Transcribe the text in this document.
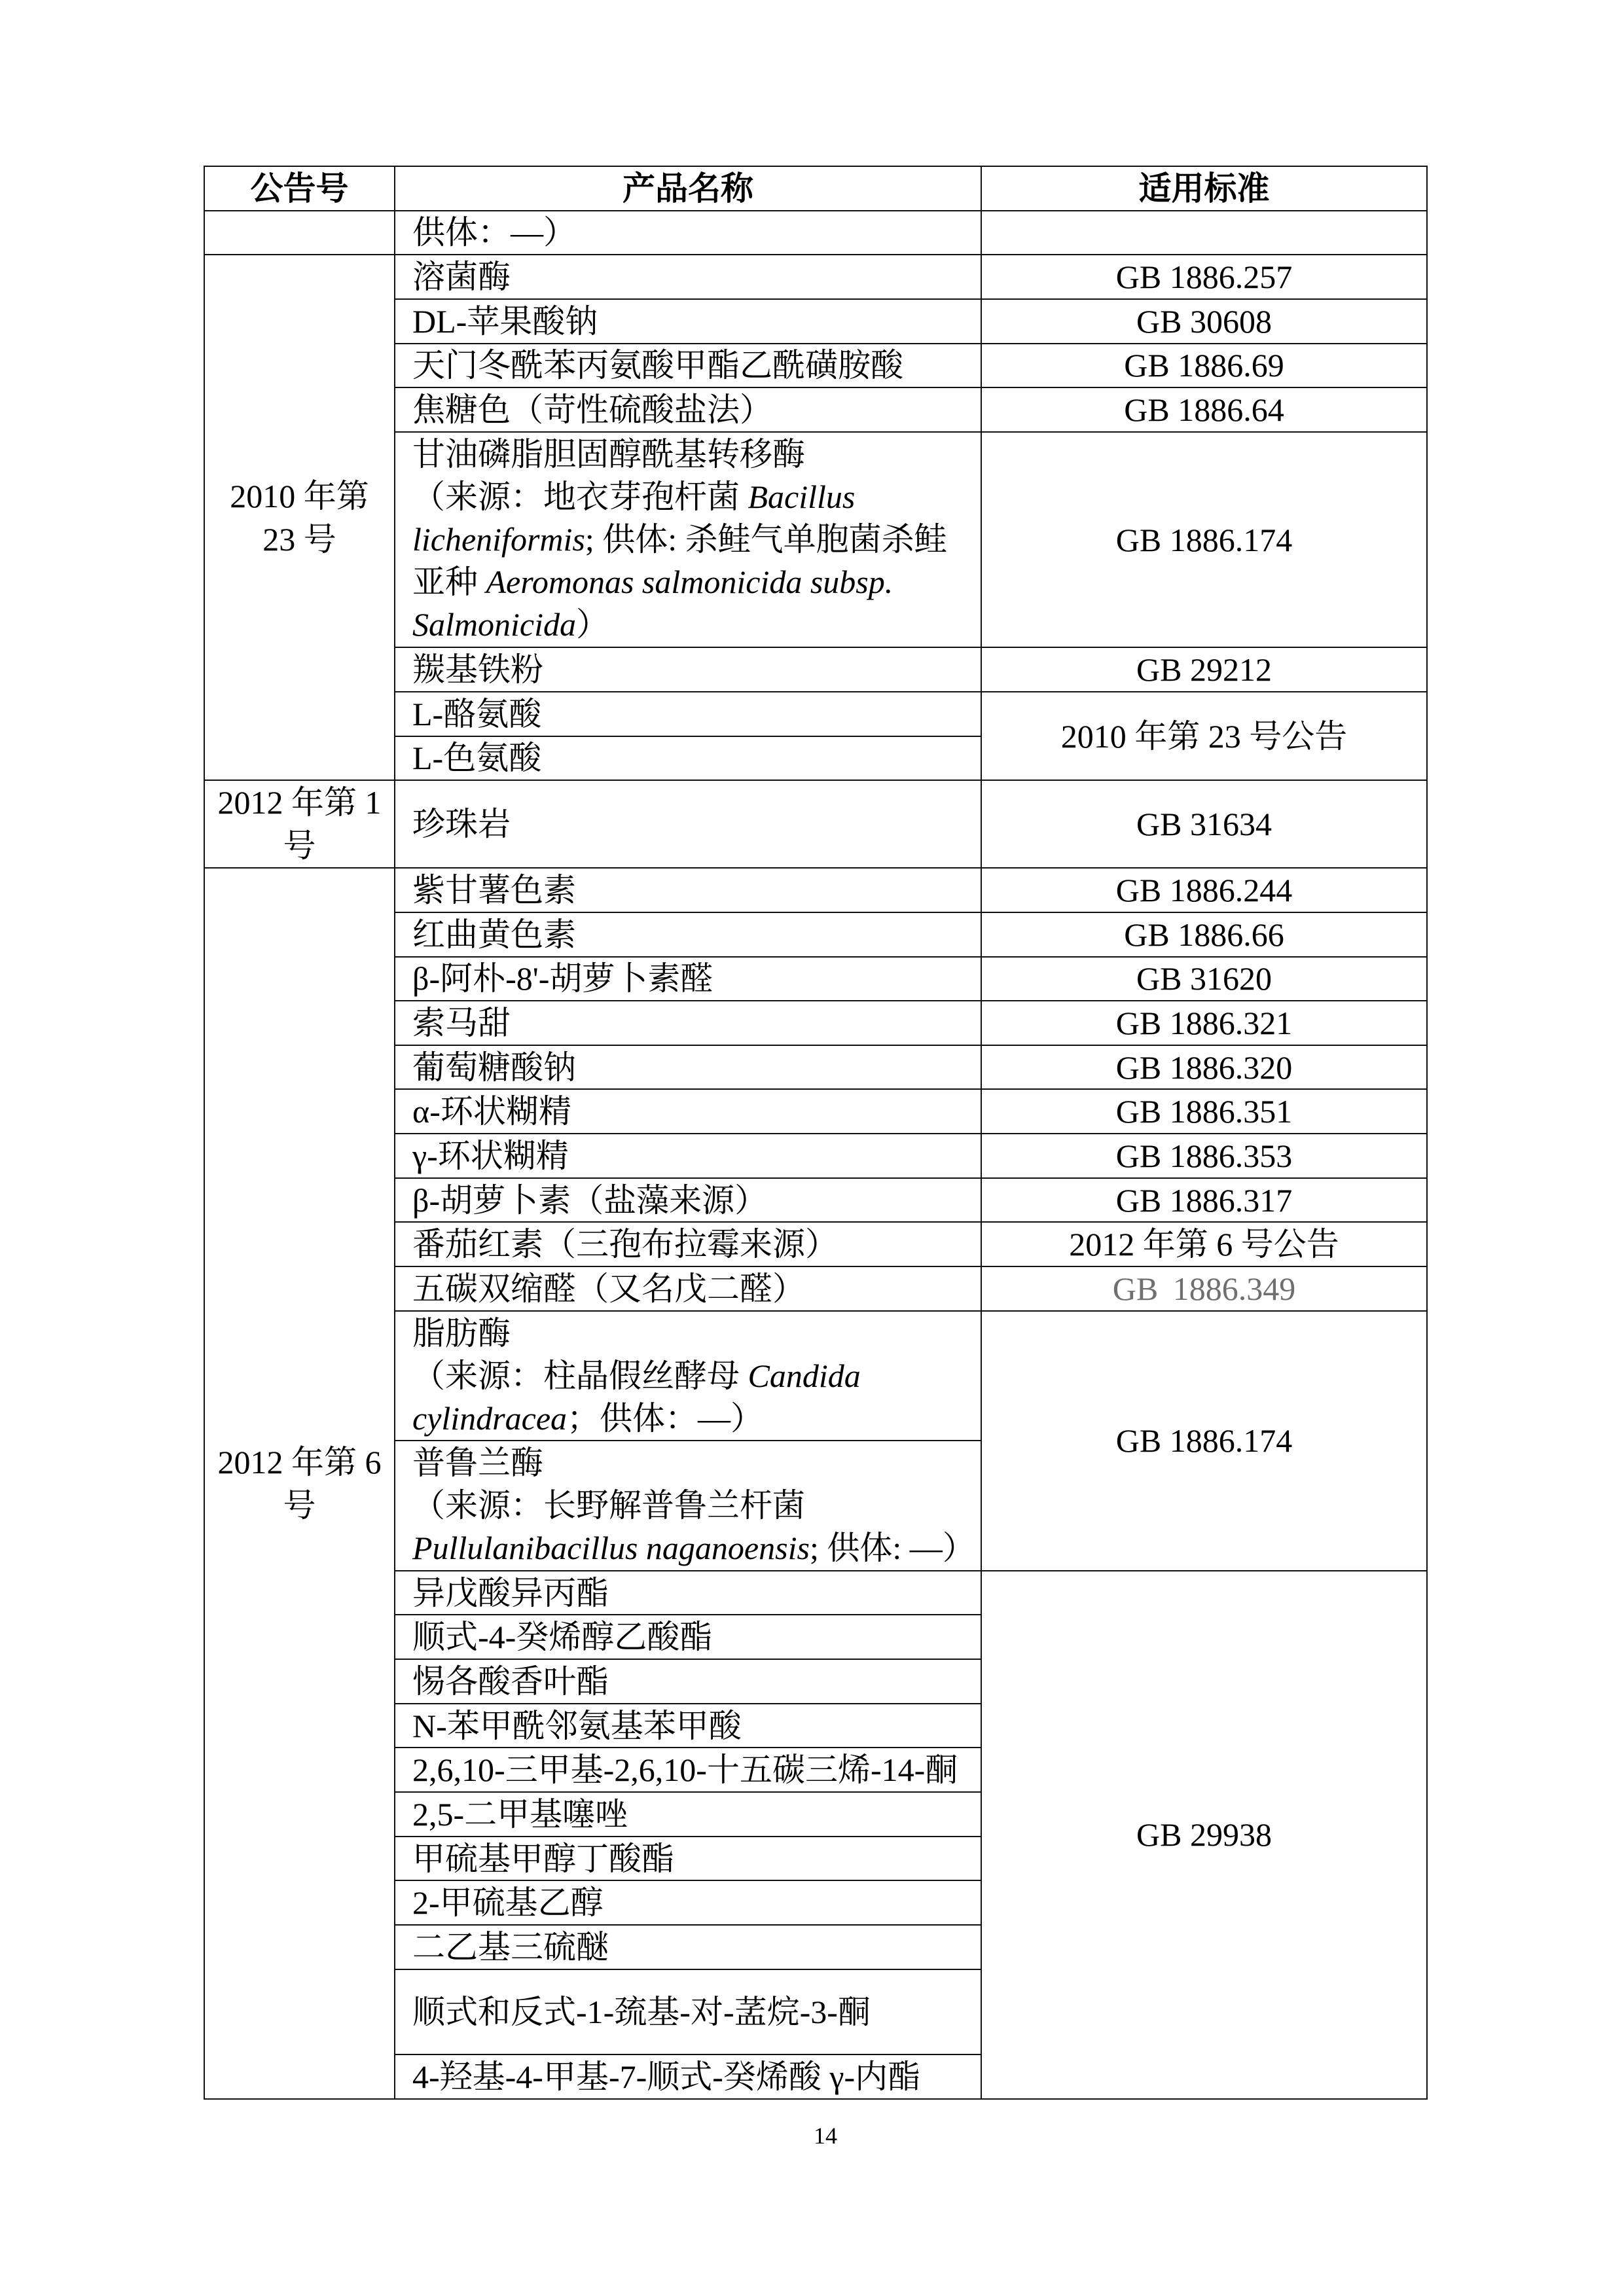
公告号	产品名称	适用标准
	供体：—）	

2010 年第
23 号	溶菌酶	GB 1886.257
	DL-苹果酸钠	GB 30608
	天门冬酰苯丙氨酸甲酯乙酰磺胺酸	GB 1886.69
	焦糖色（苛性硫酸盐法）	GB 1886.64

	甘油磷脂胆固醇酰基转移酶
（来源：地衣芽孢杆菌 Bacillus
licheniformis; 供体: 杀鲑气单胞菌杀鲑
亚种 Aeromonas salmonicida subsp.
Salmonicida）	GB 1886.174
	羰基铁粉	GB 29212
	L-酪氨酸	2010 年第 23 号公告
	L-色氨酸	

2012 年第 1
号	珍珠岩	GB 31634

2012 年第 6
号	紫甘薯色素	GB 1886.244
	红曲黄色素	GB 1886.66
	β-阿朴-8'-胡萝卜素醛	GB 31620
	索马甜	GB 1886.321
	葡萄糖酸钠	GB 1886.320
	α-环状糊精	GB 1886.351
	γ-环状糊精	GB 1886.353
	β-胡萝卜素（盐藻来源）	GB 1886.317
	番茄红素（三孢布拉霉来源）	2012 年第 6 号公告
	五碳双缩醛（又名戊二醛）	GB 1886.349

	脂肪酶
（来源：柱晶假丝酵母 Candida
cylindracea；供体：—）	GB 1886.174

	普鲁兰酶
（来源：长野解普鲁兰杆菌
Pullulanibacillus naganoensis; 供体: —）	

	异戊酸异丙酯	GB 29938
	顺式-4-癸烯醇乙酸酯	
	惕各酸香叶酯	
	N-苯甲酰邻氨基苯甲酸	
	2,6,10-三甲基-2,6,10-十五碳三烯-14-酮	
	2,5-二甲基噻唑	
	甲硫基甲醇丁酸酯	
	2-甲硫基乙醇	
	二乙基三硫醚	
	顺式和反式-1-巯基-对-䓝烷-3-酮	
	4-羟基-4-甲基-7-顺式-癸烯酸 γ-内酯	
14
